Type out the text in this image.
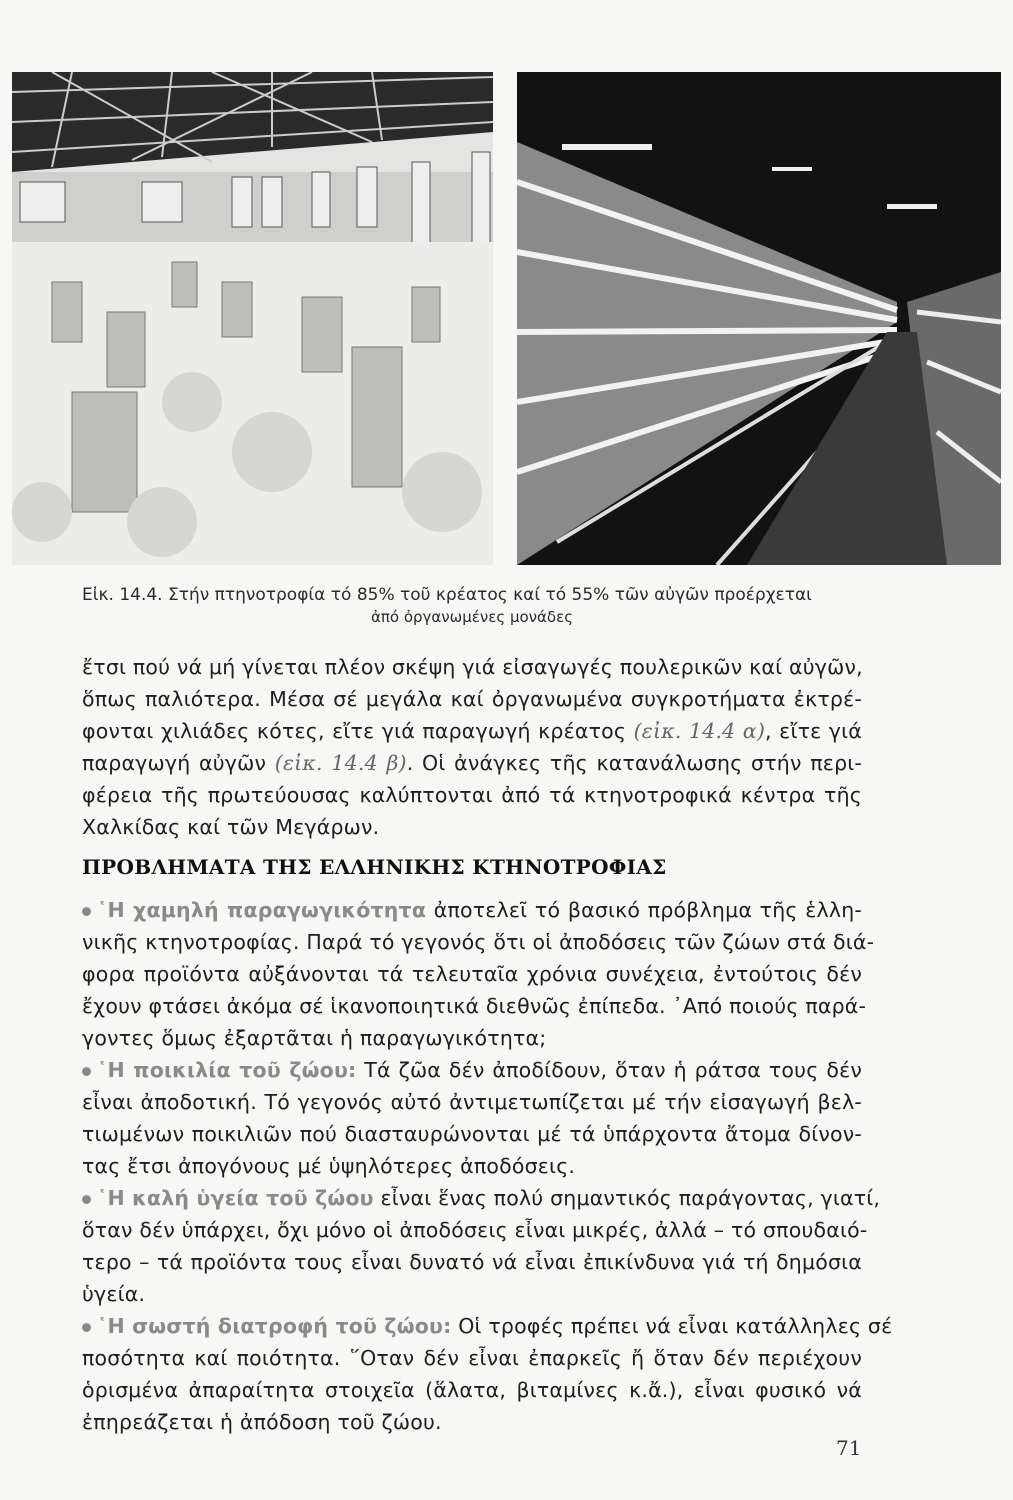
Εἰκ. 14.4. Στήν πτηνοτροφία τό 85% τοῦ κρέατος καί τό 55% τῶν αὐγῶν προέρχεται
ἀπό ὀργανωμένες μονάδες
ἔτσι πού νά μή γίνεται πλέον σκέψη γιά εἰσαγωγές πουλερικῶν καί αὐγῶν,
ὅπως παλιότερα. Μέσα σέ μεγάλα καί ὀργανωμένα συγκροτήματα ἐκτρέ-
φονται χιλιάδες κότες, εἴτε γιά παραγωγή κρέατος (εἰκ. 14.4 α), εἴτε γιά
παραγωγή αὐγῶν (εἰκ. 14.4 β). Οἱ ἀνάγκες τῆς κατανάλωσης στήν περι-
φέρεια τῆς πρωτεύουσας καλύπτονται ἀπό τά κτηνοτροφικά κέντρα τῆς
Χαλκίδας καί τῶν Μεγάρων.
ΠΡΟΒΛΗΜΑΤΑ ΤΗΣ ΕΛΛΗΝΙΚΗΣ ΚΤΗΝΟΤΡΟΦΙΑΣ
῾Η χαμηλή παραγωγικότητα ἀποτελεῖ τό βασικό πρόβλημα τῆς ἑλλη-
νικῆς κτηνοτροφίας. Παρά τό γεγονός ὅτι οἱ ἀποδόσεις τῶν ζώων στά διά-
φορα προϊόντα αὐξάνονται τά τελευταῖα χρόνια συνέχεια, ἐντούτοις δέν
ἔχουν φτάσει ἀκόμα σέ ἱκανοποιητικά διεθνῶς ἐπίπεδα. ᾿Από ποιούς παρά-
γοντες ὅμως ἐξαρτᾶται ἡ παραγωγικότητα;
῾Η ποικιλία τοῦ ζώου: Τά ζῶα δέν ἀποδίδουν, ὅταν ἡ ράτσα τους δέν
εἶναι ἀποδοτική. Τό γεγονός αὐτό ἀντιμετωπίζεται μέ τήν εἰσαγωγή βελ-
τιωμένων ποικιλιῶν πού διασταυρώνονται μέ τά ὑπάρχοντα ἄτομα δίνον-
τας ἔτσι ἀπογόνους μέ ὑψηλότερες ἀποδόσεις.
῾Η καλή ὑγεία τοῦ ζώου εἶναι ἕνας πολύ σημαντικός παράγοντας, γιατί,
ὅταν δέν ὑπάρχει, ὄχι μόνο οἱ ἀποδόσεις εἶναι μικρές, ἀλλά – τό σπουδαιό-
τερο – τά προϊόντα τους εἶναι δυνατό νά εἶναι ἐπικίνδυνα γιά τή δημόσια
ὑγεία.
῾Η σωστή διατροφή τοῦ ζώου: Οἱ τροφές πρέπει νά εἶναι κατάλληλες σέ
ποσότητα καί ποιότητα. ῞Οταν δέν εἶναι ἐπαρκεῖς ἤ ὅταν δέν περιέχουν
ὁρισμένα ἀπαραίτητα στοιχεῖα (ἅλατα, βιταμίνες κ.ἄ.), εἶναι φυσικό νά
ἐπηρεάζεται ἡ ἀπόδοση τοῦ ζώου.
71
